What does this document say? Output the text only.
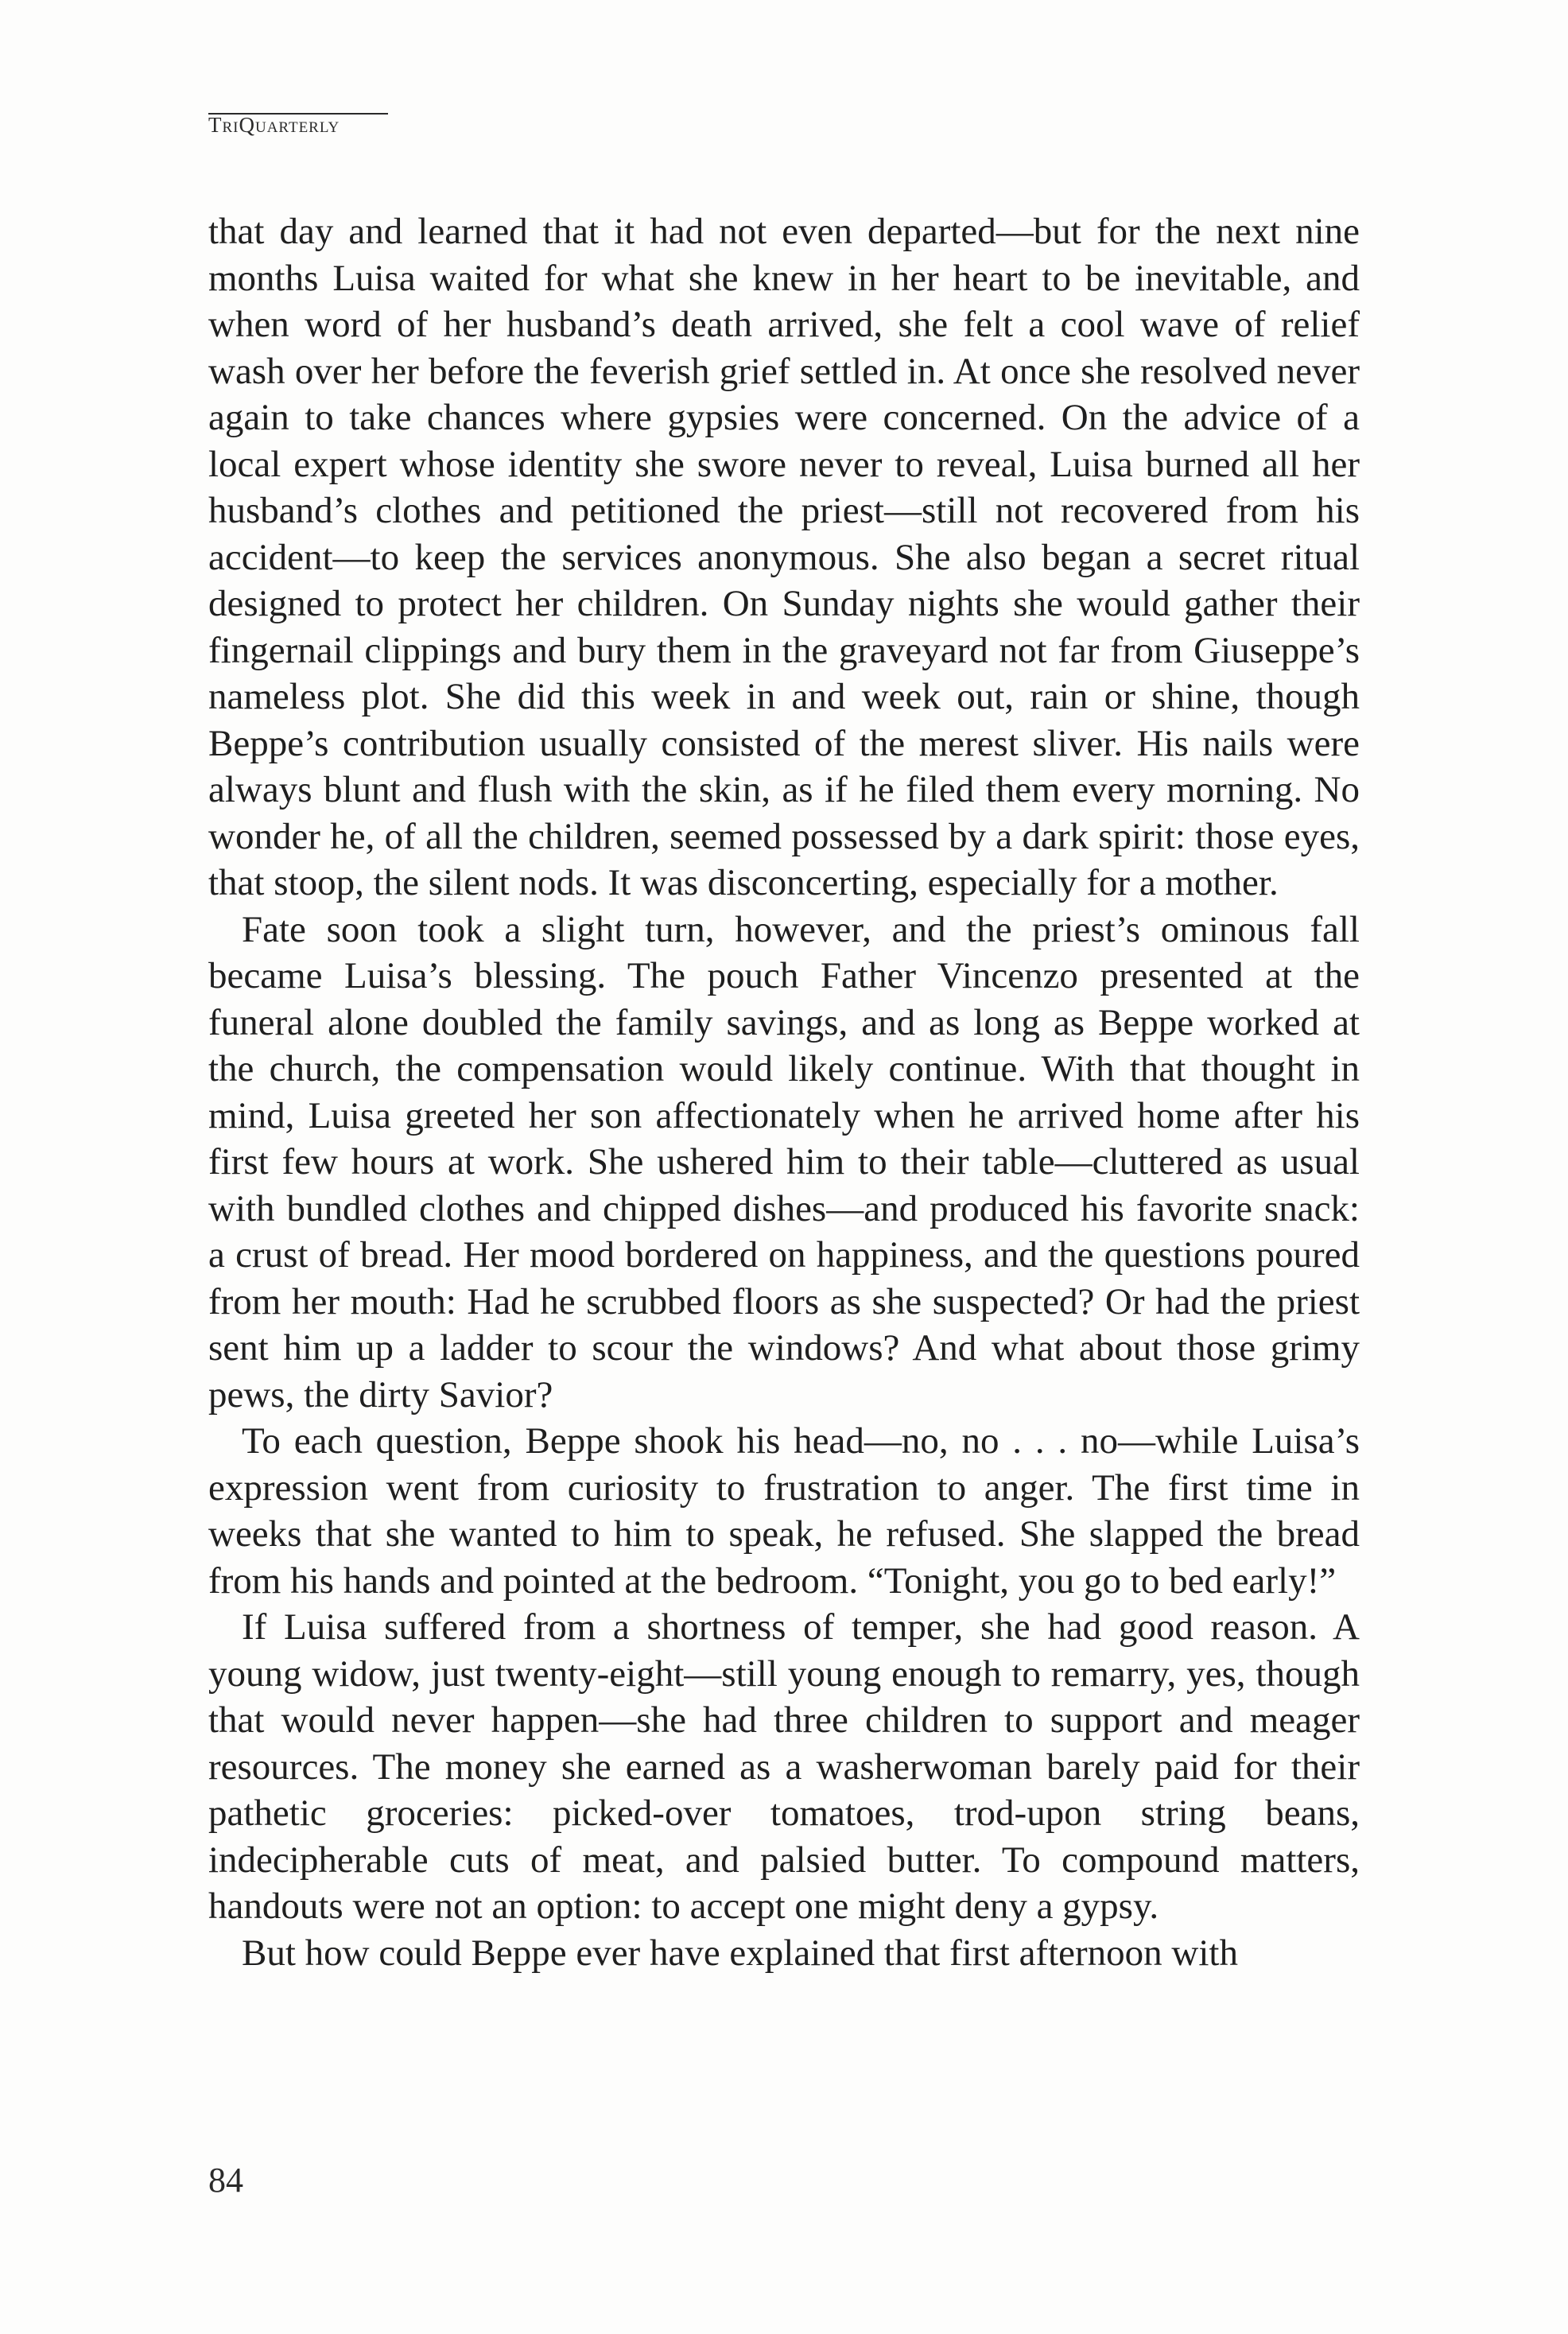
TriQuarterly

that day and learned that it had not even departed—but for the next nine months Luisa waited for what she knew in her heart to be inevitable, and when word of her husband’s death arrived, she felt a cool wave of relief wash over her before the feverish grief settled in. At once she resolved never again to take chances where gypsies were concerned. On the advice of a local expert whose identity she swore never to reveal, Luisa burned all her husband’s clothes and petitioned the priest—still not recovered from his accident—to keep the services anonymous. She also began a secret ritual designed to protect her children. On Sunday nights she would gather their fingernail clippings and bury them in the graveyard not far from Giuseppe’s nameless plot. She did this week in and week out, rain or shine, though Beppe’s contribution usually consisted of the merest sliver. His nails were always blunt and flush with the skin, as if he filed them every morning. No wonder he, of all the children, seemed possessed by a dark spirit: those eyes, that stoop, the silent nods. It was disconcerting, especially for a mother.

Fate soon took a slight turn, however, and the priest’s ominous fall became Luisa’s blessing. The pouch Father Vincenzo presented at the funeral alone doubled the family savings, and as long as Beppe worked at the church, the compensation would likely continue. With that thought in mind, Luisa greeted her son affectionately when he arrived home after his first few hours at work. She ushered him to their table—cluttered as usual with bundled clothes and chipped dishes—and produced his favorite snack: a crust of bread. Her mood bordered on happiness, and the questions poured from her mouth: Had he scrubbed floors as she suspected? Or had the priest sent him up a ladder to scour the windows? And what about those grimy pews, the dirty Savior?

To each question, Beppe shook his head—no, no . . . no—while Luisa’s expression went from curiosity to frustration to anger. The first time in weeks that she wanted to him to speak, he refused. She slapped the bread from his hands and pointed at the bedroom. “Tonight, you go to bed early!”

If Luisa suffered from a shortness of temper, she had good reason. A young widow, just twenty-eight—still young enough to remarry, yes, though that would never happen—she had three children to support and meager resources. The money she earned as a washerwoman barely paid for their pathetic groceries: picked-over tomatoes, trod-upon string beans, indecipherable cuts of meat, and palsied butter. To compound matters, handouts were not an option: to accept one might deny a gypsy.

But how could Beppe ever have explained that first afternoon with

84
